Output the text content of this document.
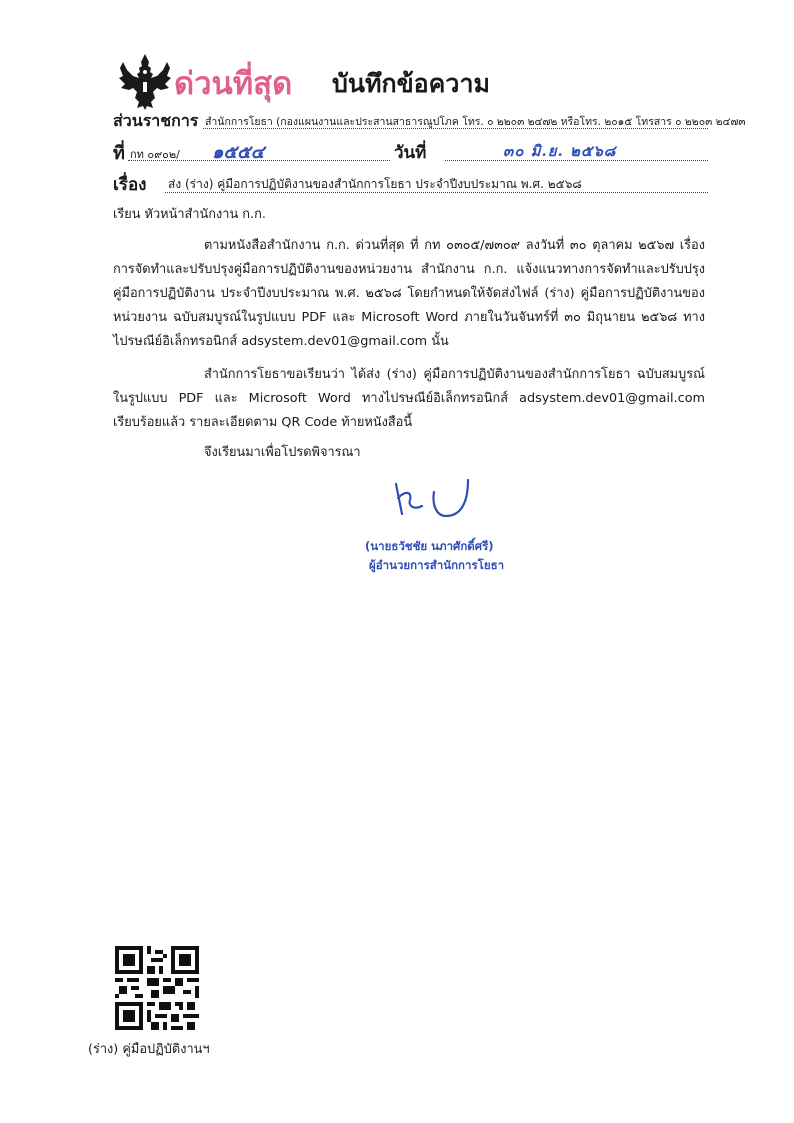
ด่วนที่สุด บันทึกข้อความ
ส่วนราชการ สำนักการโยธา (กองแผนงานและประสานสาธารณูปโภค โทร. ๐ ๒๒๐๓ ๒๔๗๒ หรือโทร. ๒๐๑๕ โทรสาร ๐ ๒๒๐๓ ๒๔๗๓
ที่ กท ๐๙๐๒/ ๑๕๕๔	วันที่	๓๐ มิ.ย. ๒๕๖๘
เรื่อง ส่ง (ร่าง) คู่มือการปฏิบัติงานของสำนักการโยธา ประจำปีงบประมาณ พ.ศ. ๒๕๖๘
เรียน หัวหน้าสำนักงาน ก.ก.
ตามหนังสือสำนักงาน ก.ก. ด่วนที่สุด ที่ กท ๐๓๐๕/๗๓๐๙ ลงวันที่ ๓๐ ตุลาคม ๒๕๖๗ เรื่อง การจัดทำและปรับปรุงคู่มือการปฏิบัติงานของหน่วยงาน สำนักงาน ก.ก. แจ้งแนวทางการจัดทำและปรับปรุงคู่มือการปฏิบัติงาน ประจำปีงบประมาณ พ.ศ. ๒๕๖๘ โดยกำหนดให้จัดส่งไฟล์ (ร่าง) คู่มือการปฏิบัติงานของหน่วยงาน ฉบับสมบูรณ์ในรูปแบบ PDF และ Microsoft Word ภายในวันจันทร์ที่ ๓๐ มิถุนายน ๒๕๖๘ ทางไปรษณีย์อิเล็กทรอนิกส์ adsystem.dev01@gmail.com นั้น
สำนักการโยธาขอเรียนว่า ได้ส่ง (ร่าง) คู่มือการปฏิบัติงานของสำนักการโยธา ฉบับสมบูรณ์ในรูปแบบ PDF และ Microsoft Word ทางไปรษณีย์อิเล็กทรอนิกส์ adsystem.dev01@gmail.com เรียบร้อยแล้ว รายละเอียดตาม QR Code ท้ายหนังสือนี้
จึงเรียนมาเพื่อโปรดพิจารณา
(นายธวัชชัย นภาศักดิ์ศรี)
ผู้อำนวยการสำนักการโยธา
(ร่าง) คู่มือปฏิบัติงานฯ
